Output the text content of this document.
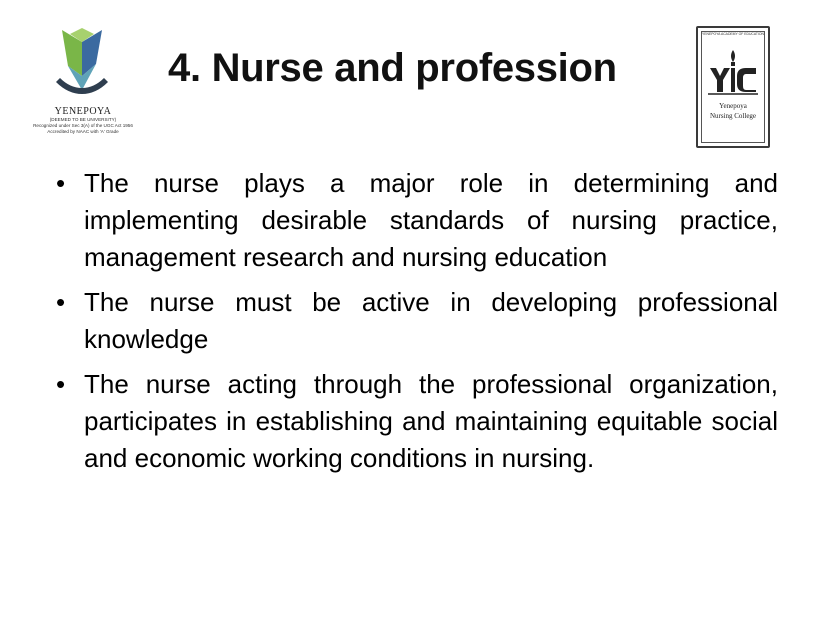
YENEPOYA
(DEEMED TO BE UNIVERSITY)
Recognized under Sec 3(A) of the UGC Act 1956
Accredited by NAAC with 'A' Grade
4. Nurse and profession
YENEPOYA ACADEMY OF EDUCATION
Yenepoya
Nursing College
• The nurse plays a major role in determining and implementing desirable standards of nursing practice, management research and nursing education
• The nurse must be active in developing professional knowledge
• The nurse acting through the professional organization, participates in establishing and maintaining equitable social and economic working conditions in nursing.
